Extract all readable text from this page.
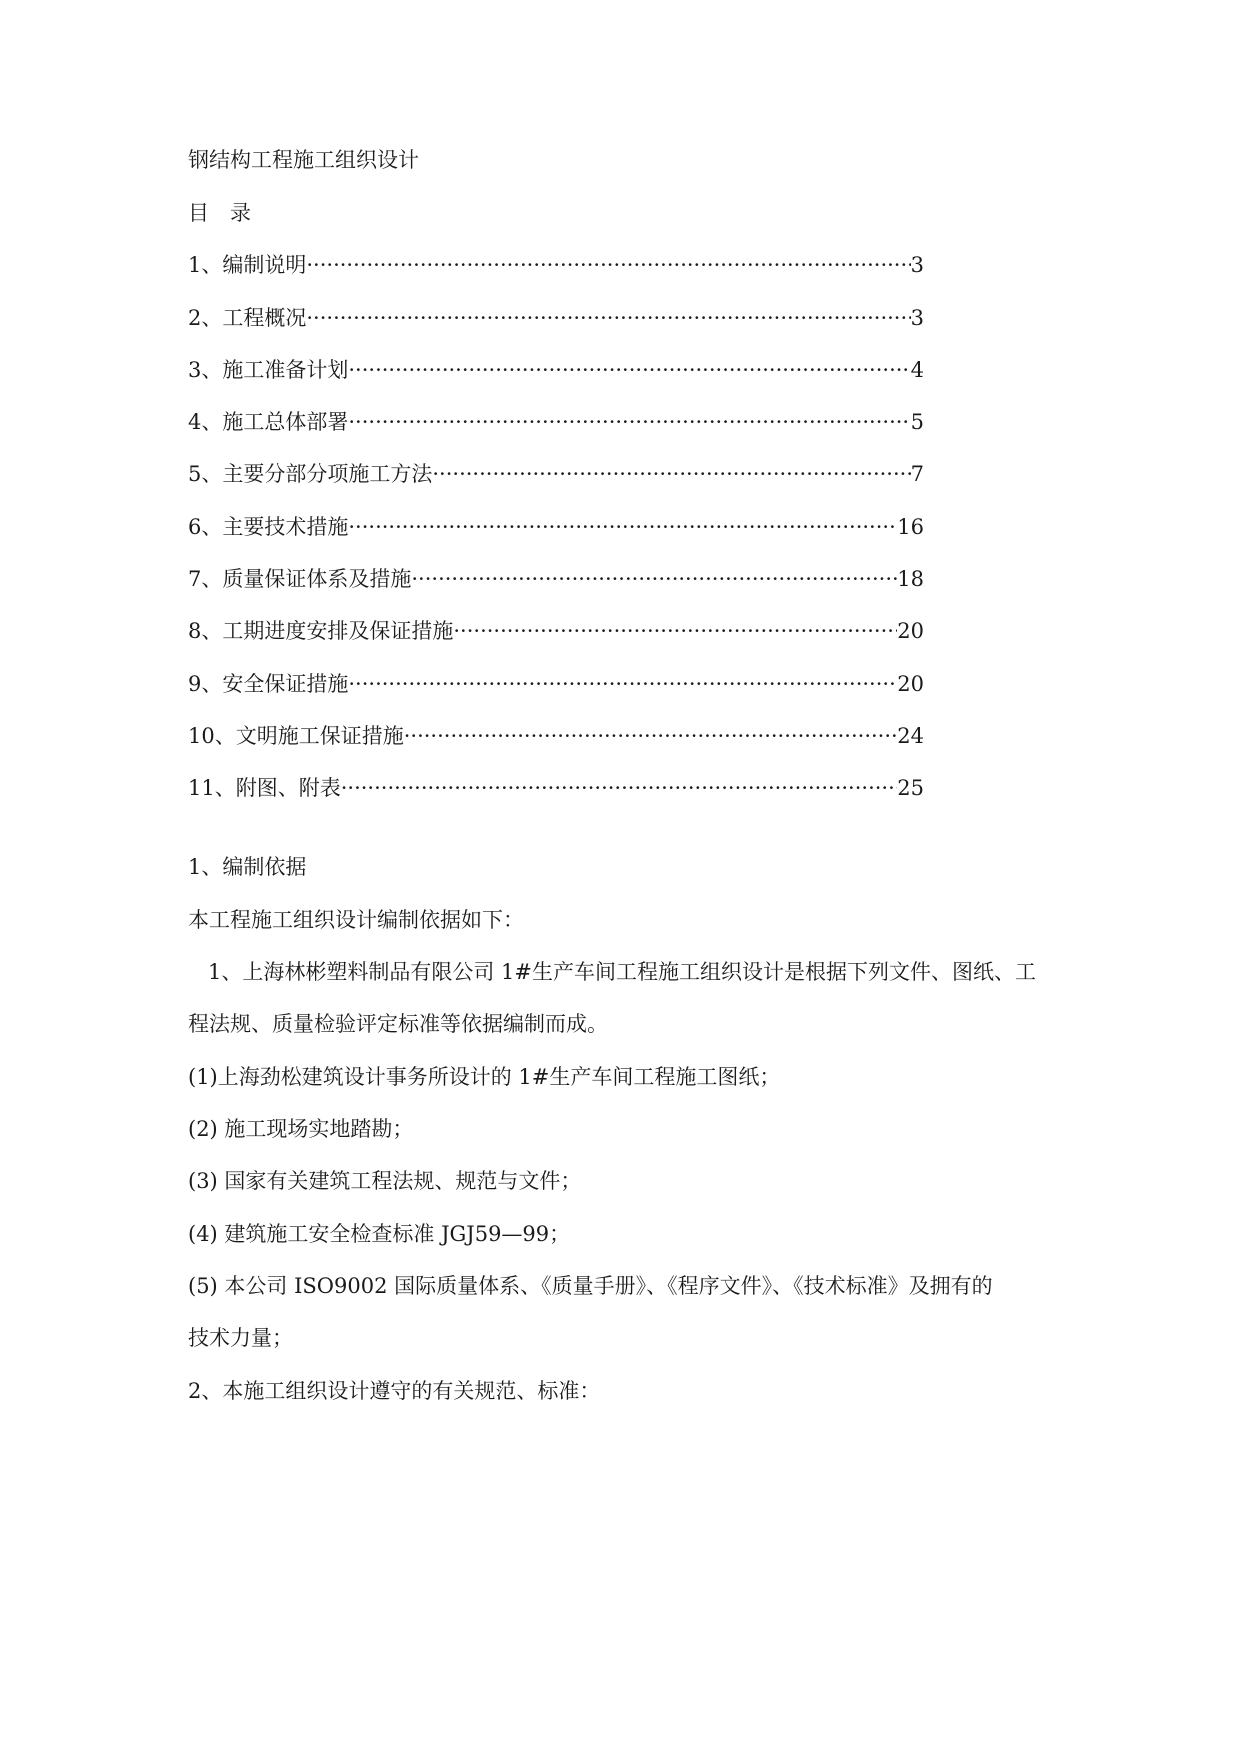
钢结构工程施工组织设计
目　录
1、编制说明 ·····	3
2、工程概况 ·····	3
3、施工准备计划 ·····	4
4、施工总体部署 ·····	5
5、主要分部分项施工方法 ·····	7
6、主要技术措施 ·····	16
7、质量保证体系及措施 ·····	18
8、工期进度安排及保证措施 ·····	20
9、安全保证措施 ·····	20
10、文明施工保证措施 ·····	24
11、附图、附表 ·····	25
1、编制依据
本工程施工组织设计编制依据如下：
1、上海林彬塑料制品有限公司 1#生产车间工程施工组织设计是根据下列文件、图纸、工
程法规、质量检验评定标准等依据编制而成。
(1)上海劲松建筑设计事务所设计的 1#生产车间工程施工图纸；
(2) 施工现场实地踏勘；
(3) 国家有关建筑工程法规、规范与文件；
(4) 建筑施工安全检查标准 JGJ59—99；
(5) 本公司 ISO9002 国际质量体系、《质量手册》、《程序文件》、《技术标准》及拥有的
技术力量；
2、本施工组织设计遵守的有关规范、标准：
